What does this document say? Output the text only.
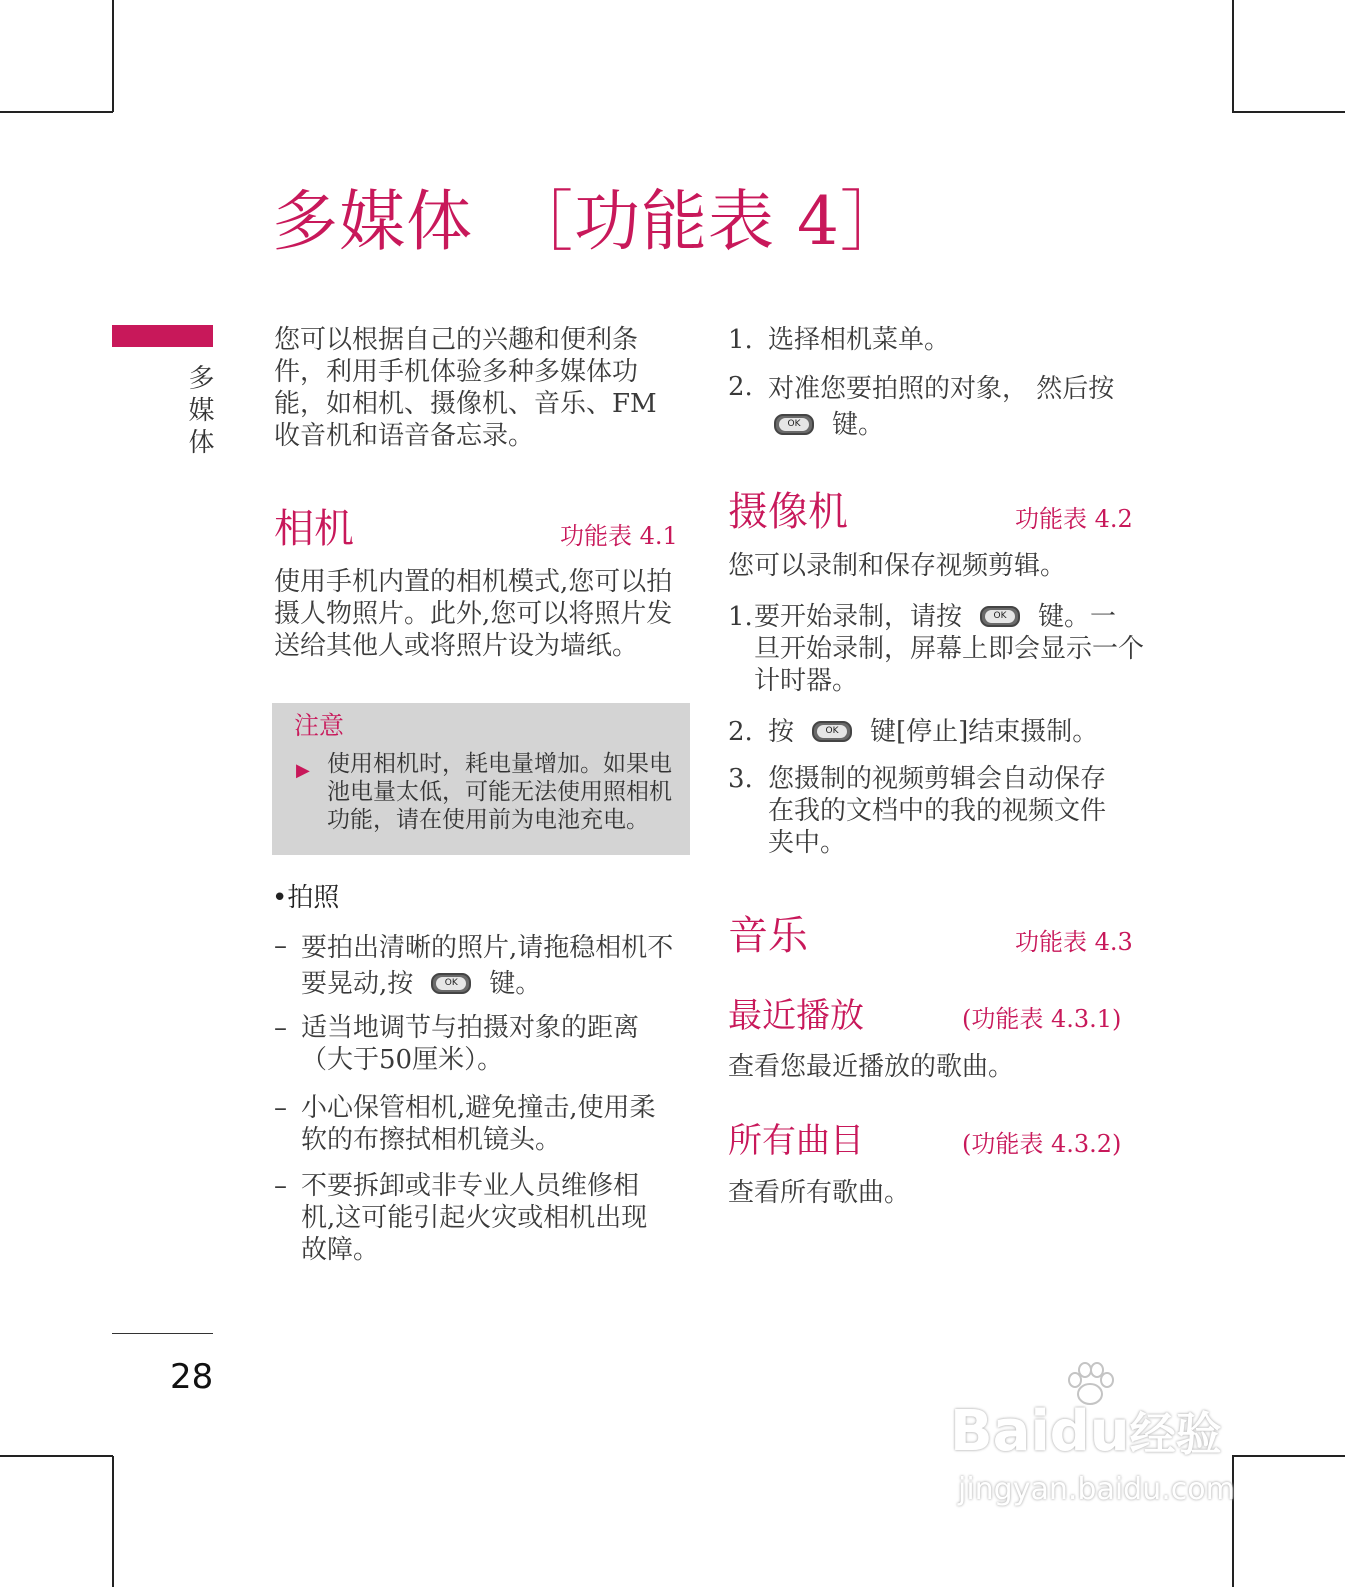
多媒体　［功能表 4］
多媒体
您可以根据自己的兴趣和便利条件，利用手机体验多种多媒体功能，如相机、摄像机、音乐、FM收音机和语音备忘录。
相机	功能表 4.1
使用手机内置的相机模式,您可以拍摄人物照片。此外,您可以将照片发送给其他人或将照片设为墙纸。
注意
▶ 使用相机时，耗电量增加。如果电池电量太低，可能无法使用照相机功能，请在使用前为电池充电。
•拍照
– 要拍出清晰的照片,请拖稳相机不要晃动,按	OK	键。
– 适当地调节与拍摄对象的距离（大于50厘米）。
– 小心保管相机,避免撞击,使用柔软的布擦拭相机镜头。
– 不要拆卸或非专业人员维修相机,这可能引起火灾或相机出现故障。
1. 选择相机菜单。
2. 对准您要拍照的对象， 然后按

OK	键。
摄像机	功能表 4.2
您可以录制和保存视频剪辑。
1. 要开始录制，请按	OK	键。一
旦开始录制，屏幕上即会显示一个计时器。
2. 按	OK	键[停止]结束摄制。
3. 您摄制的视频剪辑会自动保存在我的文档中的我的视频文件夹中。
音乐	功能表 4.3
最近播放	(功能表 4.3.1)
查看您最近播放的歌曲。
所有曲目	(功能表 4.3.2)
查看所有歌曲。
28
Baidu经验
jingyan.baidu.com
